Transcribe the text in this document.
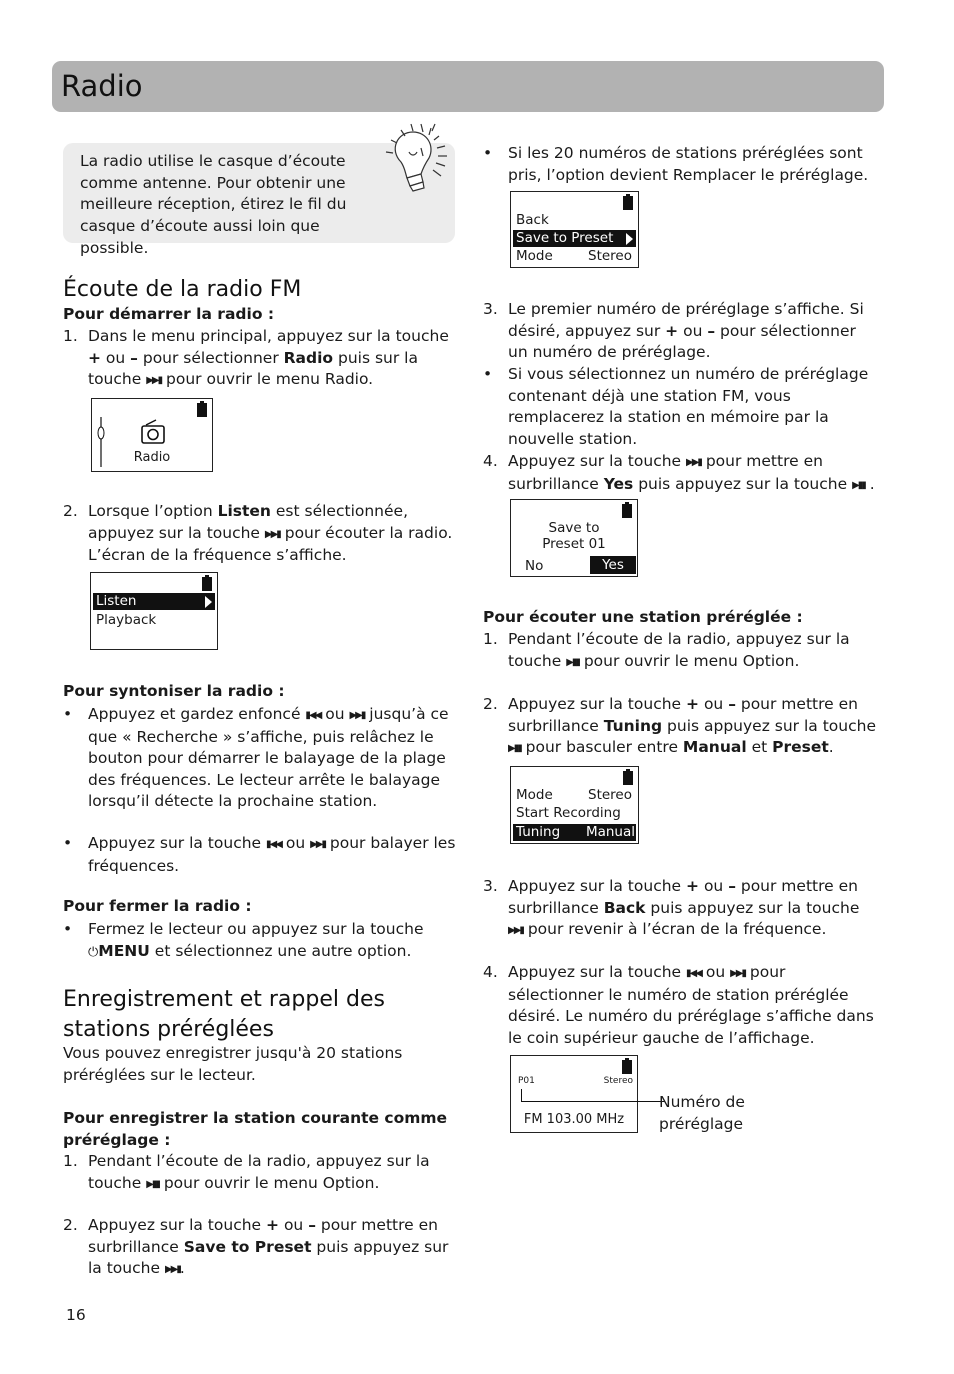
Radio
La radio utilise le casque d’écoute comme antenne. Pour obtenir une meilleure réception, étirez le fil du casque d’écoute aussi loin que possible.
Écoute de la radio FM
Pour démarrer la radio :
1. Dans le menu principal, appuyez sur la touche + ou – pour sélectionner Radio puis sur la touche ▶▶▮ pour ouvrir le menu Radio.
Radio
2. Lorsque l’option Listen est sélectionnée, appuyez sur la touche ▶▶▮ pour écouter la radio. L’écran de la fréquence s’affiche.
Listen
Playback
Pour syntoniser la radio :
• Appuyez et gardez enfoncé ▮◀◀ ou ▶▶▮ jusqu’à ce que « Recherche » s’affiche, puis relâchez le bouton pour démarrer le balayage de la plage des fréquences. Le lecteur arrête le balayage lorsqu’il détecte la prochaine station.
• Appuyez sur la touche ▮◀◀ ou ▶▶▮ pour balayer les fréquences.
Pour fermer la radio :
• Fermez le lecteur ou appuyez sur la touche ⏻MENU et sélectionnez une autre option.
Enregistrement et rappel des stations préréglées
Vous pouvez enregistrer jusqu'à 20 stations préréglées sur le lecteur.
Pour enregistrer la station courante comme préréglage :
1. Pendant l’écoute de la radio, appuyez sur la touche ▶▮▮ pour ouvrir le menu Option.
2. Appuyez sur la touche + ou – pour mettre en surbrillance Save to Preset puis appuyez sur la touche ▶▶▮.
16
• Si les 20 numéros de stations préréglées sont pris, l’option devient Remplacer le préréglage.
Back
Save to Preset
Mode	Stereo
3. Le premier numéro de préréglage s’affiche. Si désiré, appuyez sur + ou – pour sélectionner un numéro de préréglage.
• Si vous sélectionnez un numéro de préréglage contenant déjà une station FM, vous remplacerez la station en mémoire par la nouvelle station.
4. Appuyez sur la touche ▶▶▮ pour mettre en surbrillance Yes puis appuyez sur la touche ▶▮▮ .
Save to
Preset 01
No	Yes
Pour écouter une station préréglée :
1. Pendant l’écoute de la radio, appuyez sur la touche ▶▮▮ pour ouvrir le menu Option.
2. Appuyez sur la touche + ou – pour mettre en surbrillance Tuning puis appuyez sur la touche ▶▮▮ pour basculer entre Manual et Preset.
Mode	Stereo
Start Recording
Tuning Manual
3. Appuyez sur la touche + ou – pour mettre en surbrillance Back puis appuyez sur la touche ▶▶▮ pour revenir à l’écran de la fréquence.
4. Appuyez sur la touche ▮◀◀ ou ▶▶▮ pour sélectionner le numéro de station préréglée désiré. Le numéro du préréglage s’affiche dans le coin supérieur gauche de l’affichage.
P01	Stereo
FM 103.00 MHz
Numéro de préréglage
